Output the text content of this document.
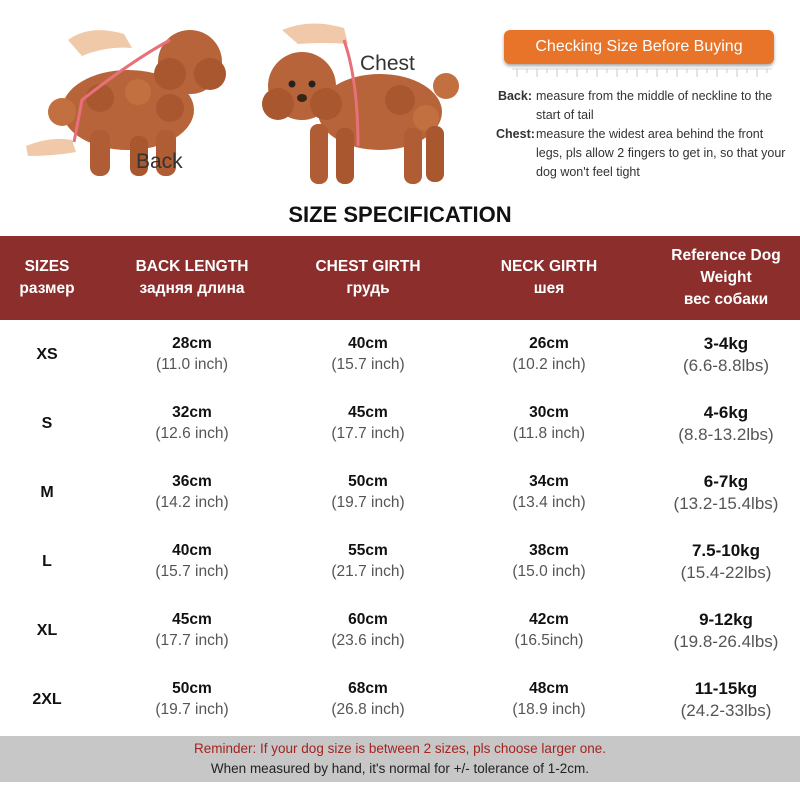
Back
Chest
Checking Size Before Buying
Back: measure from the middle of neckline to the start of tail
Chest: measure the widest area behind the front legs, pls allow 2 fingers to get in, so that your dog won't feel tight
SIZE SPECIFICATION
SIZES
размер
BACK LENGTH
задняя длина
CHEST GIRTH
грудь
NECK GIRTH
шея
Reference Dog
Weight
вес собаки
XS
28cm
(11.0 inch)
40cm
(15.7 inch)
26cm
(10.2 inch)
3-4kg
(6.6-8.8lbs)
S
32cm
(12.6 inch)
45cm
(17.7 inch)
30cm
(11.8 inch)
4-6kg
(8.8-13.2lbs)
M
36cm
(14.2 inch)
50cm
(19.7 inch)
34cm
(13.4 inch)
6-7kg
(13.2-15.4lbs)
L
40cm
(15.7 inch)
55cm
(21.7 inch)
38cm
(15.0 inch)
7.5-10kg
(15.4-22lbs)
XL
45cm
(17.7 inch)
60cm
(23.6 inch)
42cm
(16.5inch)
9-12kg
(19.8-26.4lbs)
2XL
50cm
(19.7 inch)
68cm
(26.8 inch)
48cm
(18.9 inch)
11-15kg
(24.2-33lbs)
Reminder: If your dog size is between 2 sizes, pls choose larger one.
When measured by hand, it's normal for +/- tolerance of 1-2cm.
